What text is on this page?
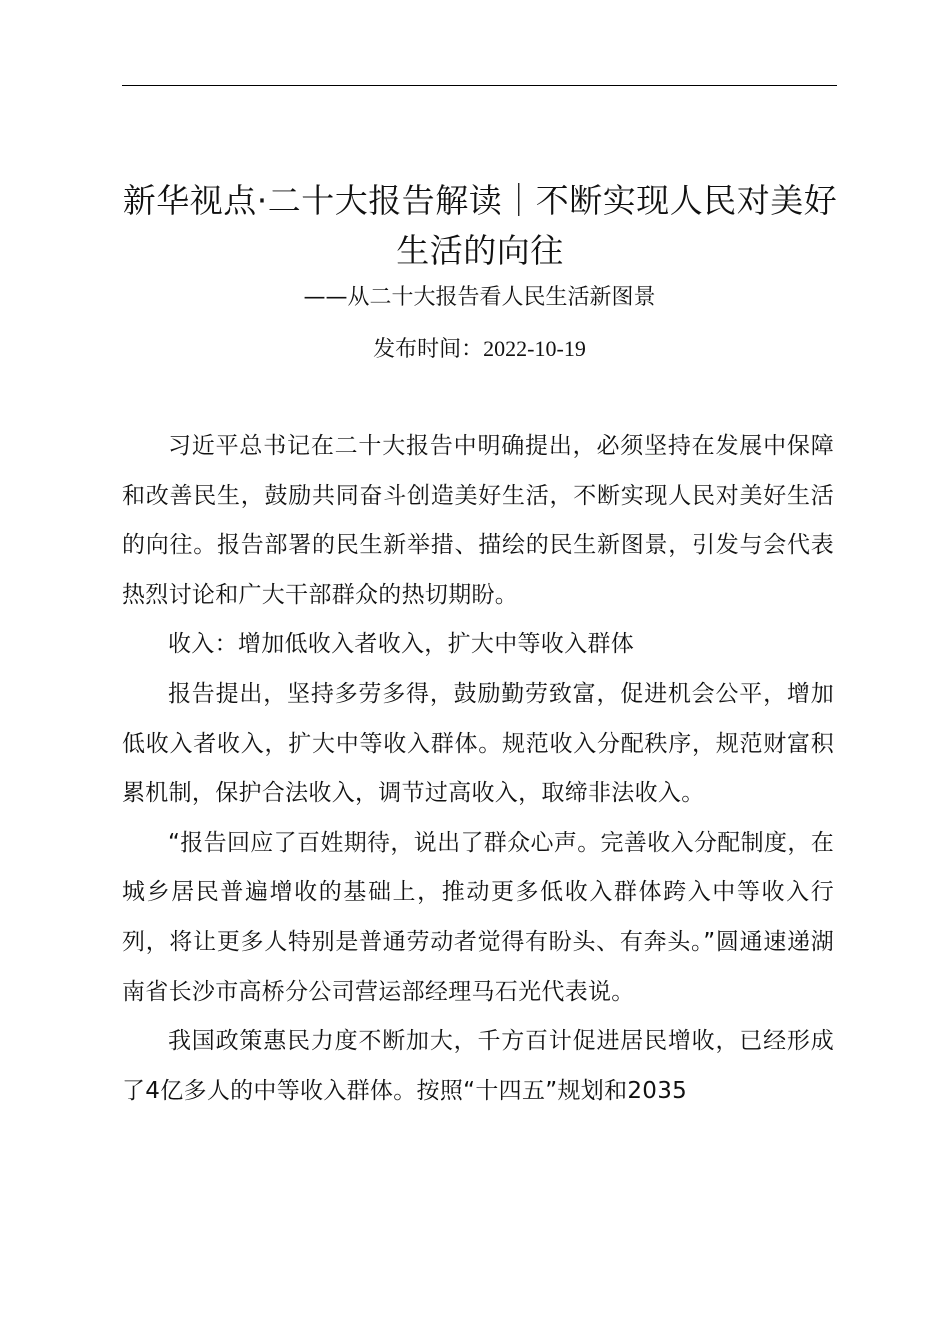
新华视点·二十大报告解读｜不断实现人民对美好生活的向往
——从二十大报告看人民生活新图景
发布时间：2022-10-19

习近平总书记在二十大报告中明确提出，必须坚持在发展中保障和改善民生，鼓励共同奋斗创造美好生活，不断实现人民对美好生活的向往。报告部署的民生新举措、描绘的民生新图景，引发与会代表热烈讨论和广大干部群众的热切期盼。

收入：增加低收入者收入，扩大中等收入群体

报告提出，坚持多劳多得，鼓励勤劳致富，促进机会公平，增加低收入者收入，扩大中等收入群体。规范收入分配秩序，规范财富积累机制，保护合法收入，调节过高收入，取缔非法收入。

“报告回应了百姓期待，说出了群众心声。完善收入分配制度，在城乡居民普遍增收的基础上，推动更多低收入群体跨入中等收入行列，将让更多人特别是普通劳动者觉得有盼头、有奔头。”圆通速递湖南省长沙市高桥分公司营运部经理马石光代表说。

我国政策惠民力度不断加大，千方百计促进居民增收，已经形成了4亿多人的中等收入群体。按照“十四五”规划和2035
